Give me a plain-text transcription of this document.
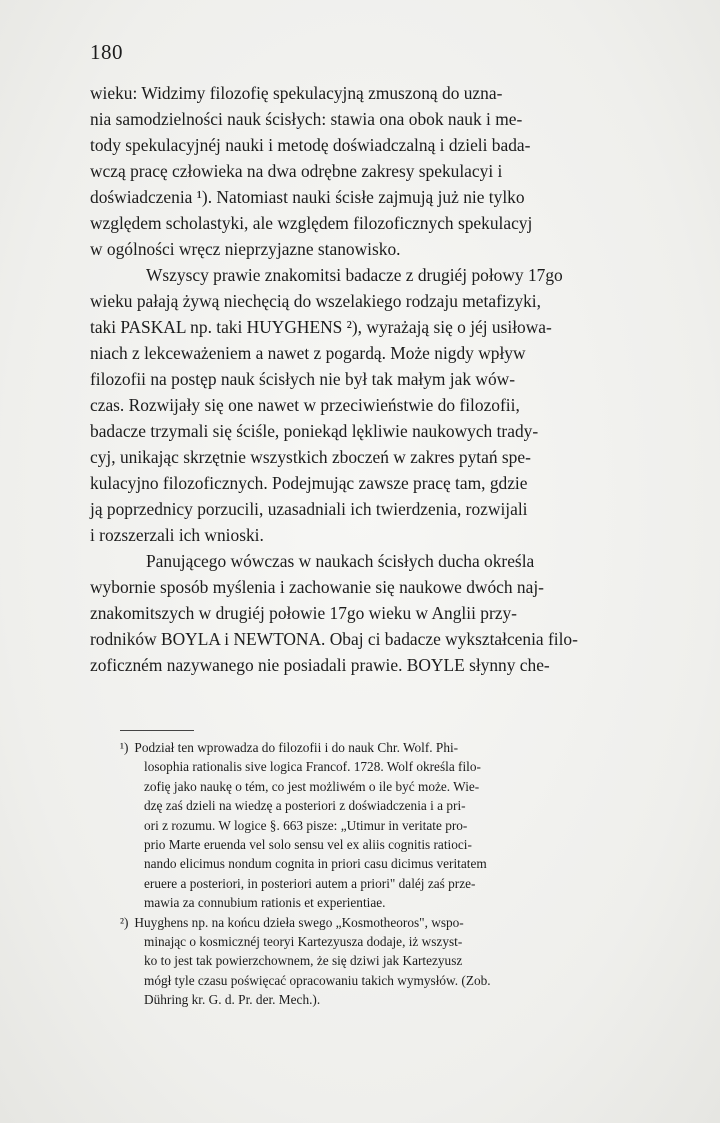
180
wieku: Widzimy filozofię spekulacyjną zmuszoną do uzna-
nia samodzielności nauk ścisłych: stawia ona obok nauk i me-
tody spekulacyjnéj nauki i metodę doświadczalną i dzieli bada-
wczą pracę człowieka na dwa odrębne zakresy spekulacyi i
doświadczenia ¹). Natomiast nauki ścisłe zajmują już nie tylko
względem scholastyki, ale względem filozoficznych spekulacyj
w ogólności wręcz nieprzyjazne stanowisko.
Wszyscy prawie znakomitsi badacze z drugiéj połowy 17go
wieku pałają żywą niechęcią do wszelakiego rodzaju metafizyki,
taki PASKAL np. taki HUYGHENS ²), wyrażają się o jéj usiłowa-
niach z lekceważeniem a nawet z pogardą. Może nigdy wpływ
filozofii na postęp nauk ścisłych nie był tak małym jak wów-
czas. Rozwijały się one nawet w przeciwieństwie do filozofii,
badacze trzymali się ściśle, poniekąd lękliwie naukowych trady-
cyj, unikając skrzętnie wszystkich zboczeń w zakres pytań spe-
kulacyjno filozoficznych. Podejmując zawsze pracę tam, gdzie
ją poprzednicy porzucili, uzasadniali ich twierdzenia, rozwijali
i rozszerzali ich wnioski.
Panującego wówczas w naukach ścisłych ducha określa
wybornie sposób myślenia i zachowanie się naukowe dwóch naj-
znakomitszych w drugiéj połowie 17go wieku w Anglii przy-
rodników BOYLA i NEWTONA. Obaj ci badacze wykształcenia filo-
zoficzném nazywanego nie posiadali prawie. BOYLE słynny che-
¹) Podział ten wprowadza do filozofii i do nauk Chr. Wolf. Phi-
losophia rationalis sive logica Francof. 1728. Wolf określa filo-
zofię jako naukę o tém, co jest możliwém o ile być może. Wie-
dzę zaś dzieli na wiedzę a posteriori z doświadczenia i a pri-
ori z rozumu. W logice §. 663 pisze: „Utimur in veritate pro-
prio Marte eruenda vel solo sensu vel ex aliis cognitis ratioci-
nando elicimus nondum cognita in priori casu dicimus veritatem
eruere a posteriori, in posteriori autem a priori" daléj zaś prze-
mawia za connubium rationis et experientiae.
²) Huyghens np. na końcu dzieła swego „Kosmotheoros", wspo-
minając o kosmicznéj teoryi Kartezyusza dodaje, iż wszyst-
ko to jest tak powierzchownem, że się dziwi jak Kartezyusz
mógł tyle czasu poświęcać opracowaniu takich wymysłów. (Zob.
Dühring kr. G. d. Pr. der. Mech.).
